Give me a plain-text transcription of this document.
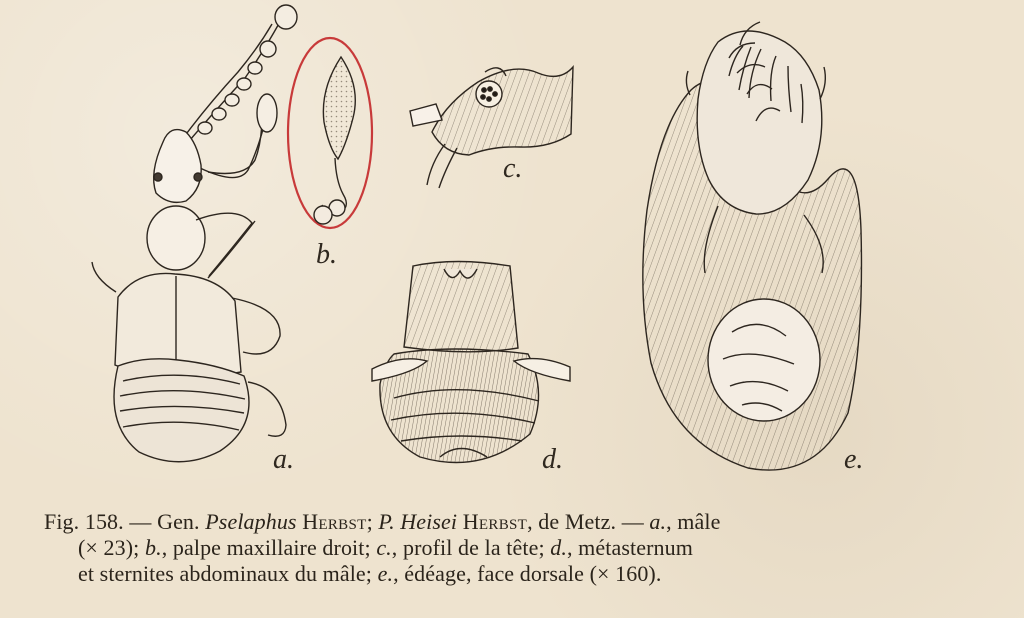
a.
b.
c.
d.	e.
Fig. 158. — Gen. Pselaphus Herbst; P. Heisei Herbst, de Metz. — a., mâle
(× 23); b., palpe maxillaire droit; c., profil de la tête; d., métasternum
et sternites abdominaux du mâle; e., édéage, face dorsale (× 160).
